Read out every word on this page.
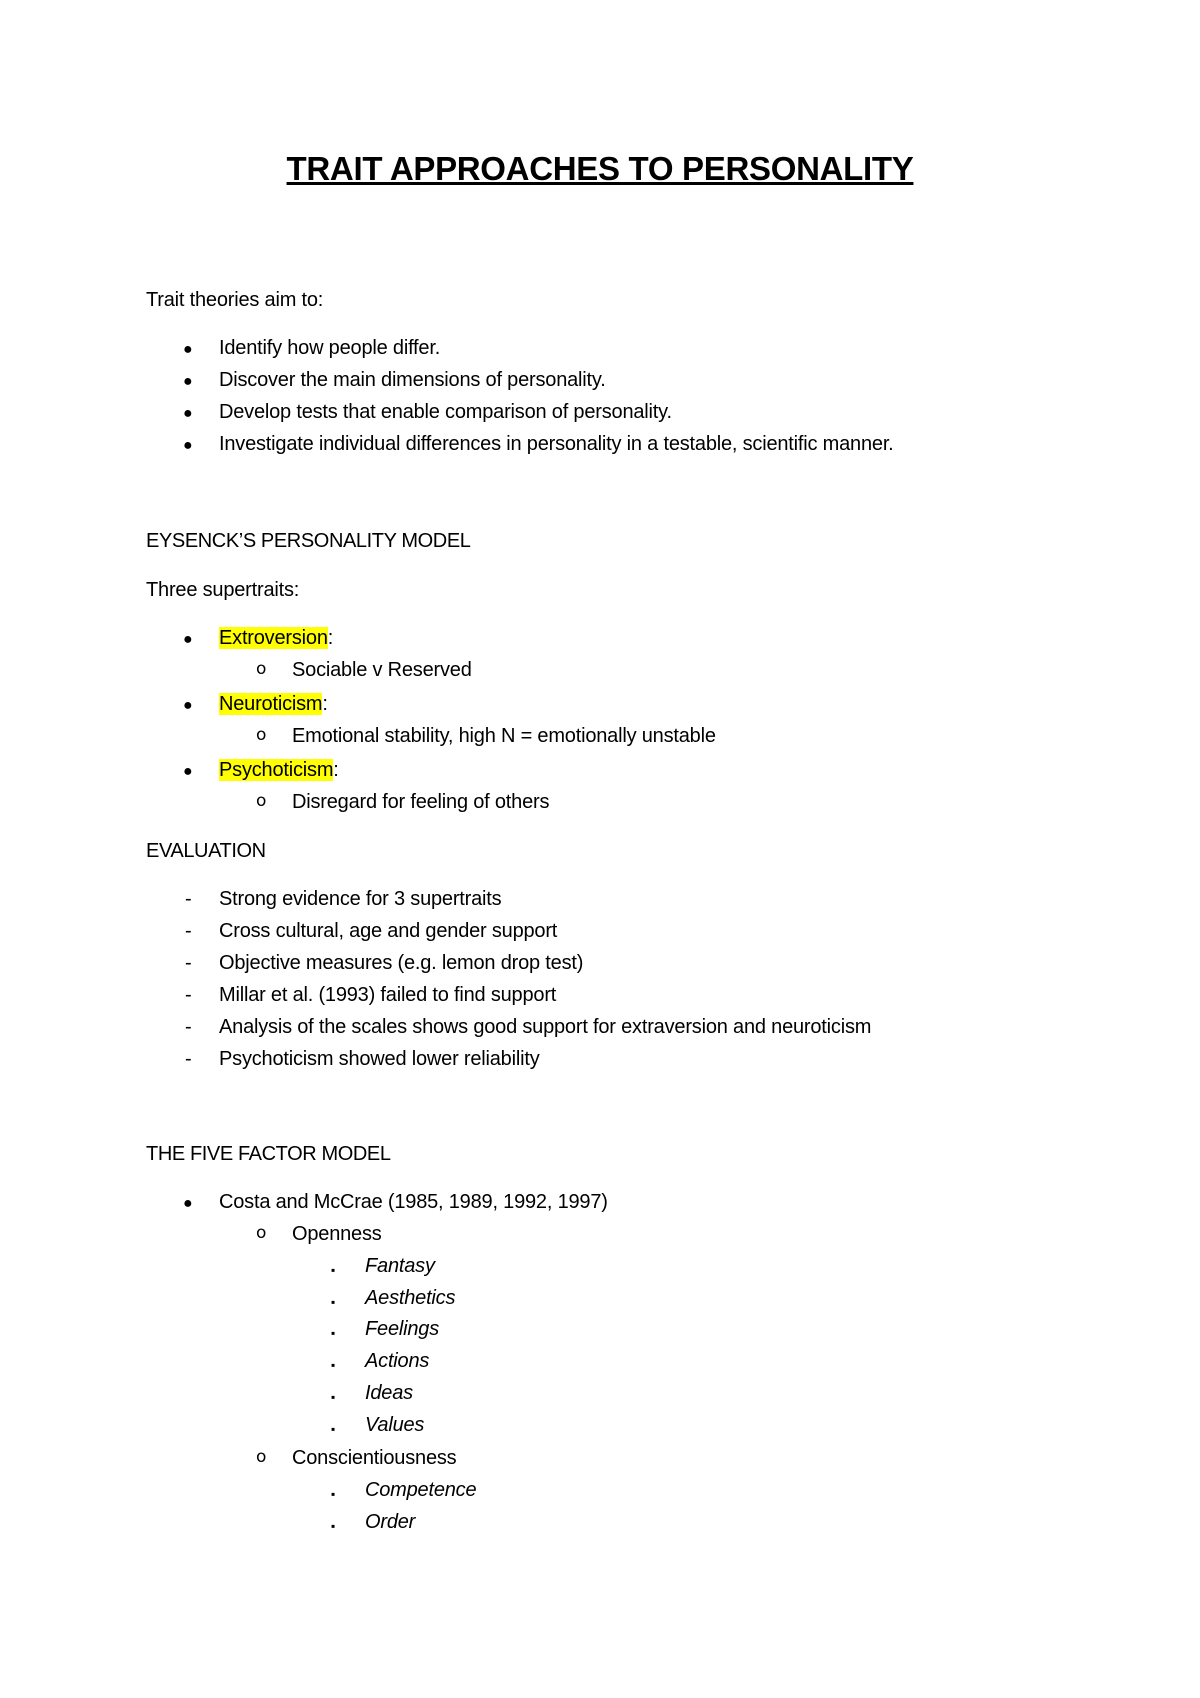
TRAIT APPROACHES TO PERSONALITY
Trait theories aim to:
● Identify how people differ.
● Discover the main dimensions of personality.
● Develop tests that enable comparison of personality.
● Investigate individual differences in personality in a testable, scientific manner.
EYSENCK’S PERSONALITY MODEL
Three supertraits:
● Extroversion:
o Sociable v Reserved
● Neuroticism:
o Emotional stability, high N = emotionally unstable
● Psychoticism:
o Disregard for feeling of others
EVALUATION
- Strong evidence for 3 supertraits
- Cross cultural, age and gender support
- Objective measures (e.g. lemon drop test)
- Millar et al. (1993) failed to find support
- Analysis of the scales shows good support for extraversion and neuroticism
- Psychoticism showed lower reliability
THE FIVE FACTOR MODEL
● Costa and McCrae (1985, 1989, 1992, 1997)
o Openness
▪ Fantasy
▪ Aesthetics
▪ Feelings
▪ Actions
▪ Ideas
▪ Values
o Conscientiousness
▪ Competence
▪ Order
